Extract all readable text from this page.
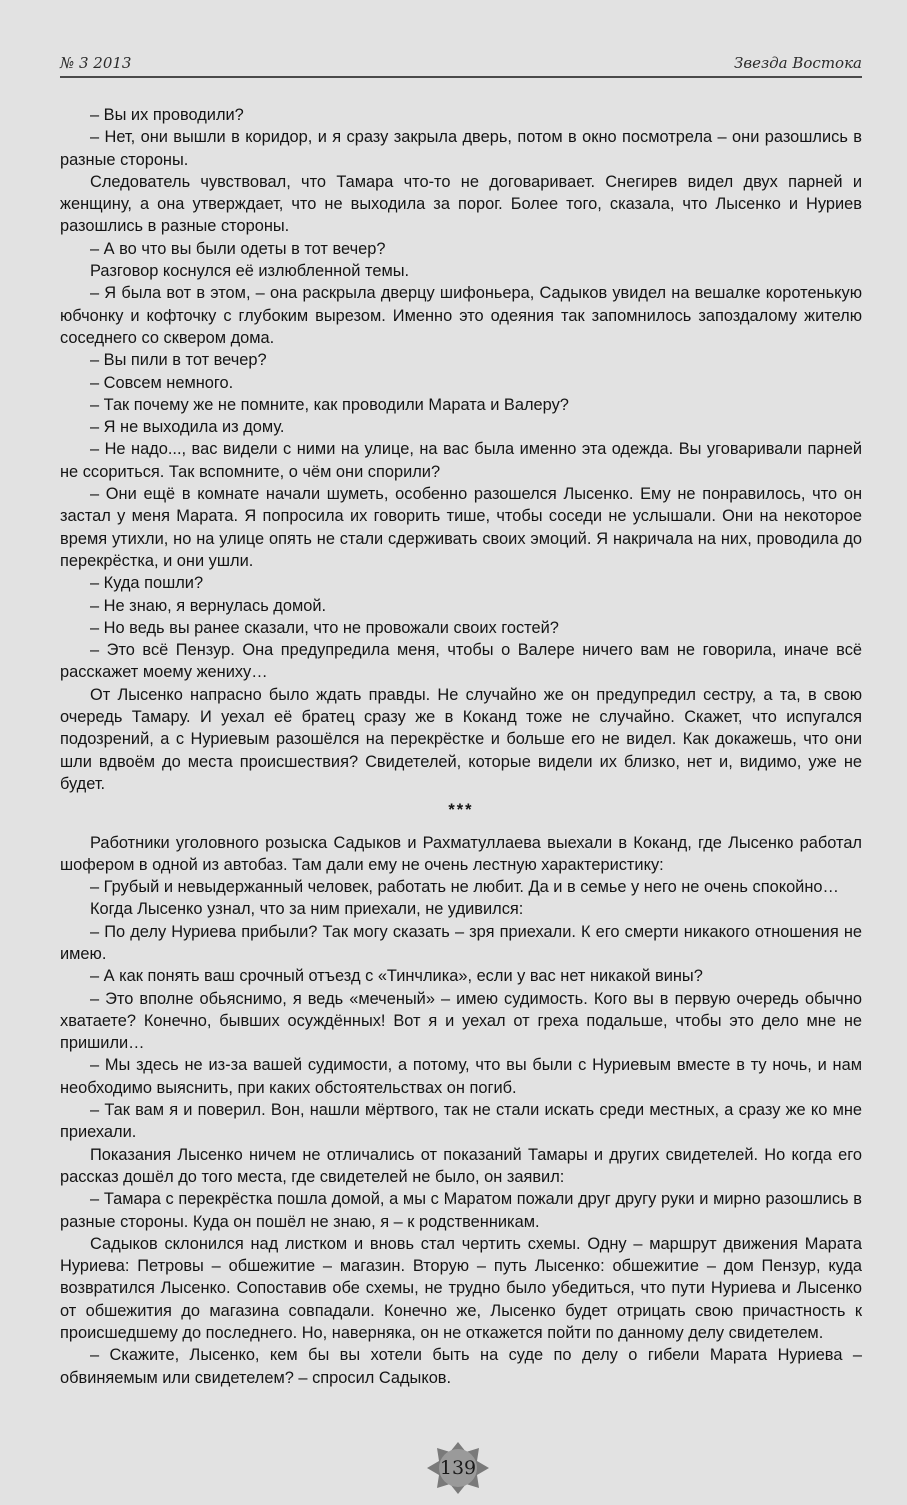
№ 3 2013	Звезда Востока

– Вы их проводили?

– Нет, они вышли в коридор, и я сразу закрыла дверь, потом в окно посмотрела – они разошлись в разные стороны.

Следователь чувствовал, что Тамара что-то не договаривает. Снегирев видел двух парней и женщину, а она утверждает, что не выходила за порог. Более того, сказала, что Лысенко и Нуриев разошлись в разные стороны.

– А во что вы были одеты в тот вечер?

Разговор коснулся её излюбленной темы.

– Я была вот в этом, – она раскрыла дверцу шифоньера, Садыков увидел на вешалке коротенькую юбчонку и кофточку с глубоким вырезом. Именно это одеяния так запомнилось запоздалому жителю соседнего со сквером дома.

– Вы пили в тот вечер?

– Совсем немного.

– Так почему же не помните, как проводили Марата и Валеру?

– Я не выходила из дому.

– Не надо..., вас видели с ними на улице, на вас была именно эта одежда. Вы уговаривали парней не ссориться. Так вспомните, о чём они спорили?

– Они ещё в комнате начали шуметь, особенно разошелся Лысенко. Ему не понравилось, что он застал у меня Марата. Я попросила их говорить тише, чтобы соседи не услышали. Они на некоторое время утихли, но на улице опять не стали сдерживать своих эмоций. Я накричала на них, проводила до перекрёстка, и они ушли.

– Куда пошли?

– Не знаю, я вернулась домой.

– Но ведь вы ранее сказали, что не провожали своих гостей?

– Это всё Пензур. Она предупредила меня, чтобы о Валере ничего вам не говорила, иначе всё расскажет моему жениху…

От Лысенко напрасно было ждать правды. Не случайно же он предупредил сестру, а та, в свою очередь Тамару. И уехал её братец сразу же в Коканд тоже не случайно. Скажет, что испугался подозрений, а с Нуриевым разошёлся на перекрёстке и больше его не видел. Как докажешь, что они шли вдвоём до места происшествия? Свидетелей, которые видели их близко, нет и, видимо, уже не будет.

***

Работники уголовного розыска Садыков и Рахматуллаева выехали в Коканд, где Лысенко работал шофером в одной из автобаз. Там дали ему не очень лестную характеристику:

– Грубый и невыдержанный человек, работать не любит. Да и в семье у него не очень спокойно…

Когда Лысенко узнал, что за ним приехали, не удивился:

– По делу Нуриева прибыли? Так могу сказать – зря приехали. К его смерти никакого отношения не имею.

– А как понять ваш срочный отъезд с «Тинчлика», если у вас нет никакой вины?

– Это вполне обьяснимо, я ведь «меченый» – имею судимость. Кого вы в первую очередь обычно хватаете? Конечно, бывших осуждённых! Вот я и уехал от греха подальше, чтобы это дело мне не пришили…

– Мы здесь не из-за вашей судимости, а потому, что вы были с Нуриевым вместе в ту ночь, и нам необходимо выяснить, при каких обстоятельствах он погиб.

– Так вам я и поверил. Вон, нашли мёртвого, так не стали искать среди местных, а сразу же ко мне приехали.

Показания Лысенко ничем не отличались от показаний Тамары и других свидетелей. Но когда его рассказ дошёл до того места, где свидетелей не было, он заявил:

– Тамара с перекрёстка пошла домой, а мы с Маратом пожали друг другу руки и мирно разошлись в разные стороны. Куда он пошёл не знаю, я – к родственникам.

Садыков склонился над листком и вновь стал чертить схемы. Одну – маршрут движения Марата Нуриева: Петровы – обшежитие – магазин. Вторую – путь Лысенко: обшежитие – дом Пензур, куда возвратился Лысенко. Сопоставив обе схемы, не трудно было убедиться, что пути Нуриева и Лысенко от обшежития до магазина совпадали. Конечно же, Лысенко будет отрицать свою причастность к происшедшему до последнего. Но, наверняка, он не откажется пойти по данному делу свидетелем.

– Скажите, Лысенко, кем бы вы хотели быть на суде по делу о гибели Марата Нуриева – обвиняемым или свидетелем? – спросил Садыков.

139
